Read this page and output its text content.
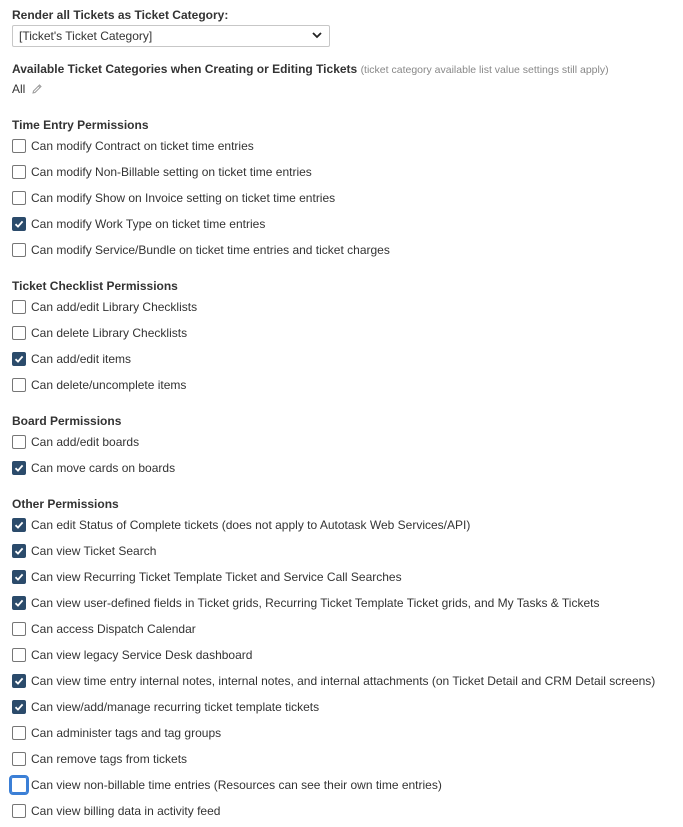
Render all Tickets as Ticket Category:
[Ticket's Ticket Category]
Available Ticket Categories when Creating or Editing Tickets (ticket category available list value settings still apply)
All
Time Entry Permissions
Can modify Contract on ticket time entries
Can modify Non-Billable setting on ticket time entries
Can modify Show on Invoice setting on ticket time entries
Can modify Work Type on ticket time entries
Can modify Service/Bundle on ticket time entries and ticket charges
Ticket Checklist Permissions
Can add/edit Library Checklists
Can delete Library Checklists
Can add/edit items
Can delete/uncomplete items
Board Permissions
Can add/edit boards
Can move cards on boards
Other Permissions
Can edit Status of Complete tickets (does not apply to Autotask Web Services/API)
Can view Ticket Search
Can view Recurring Ticket Template Ticket and Service Call Searches
Can view user-defined fields in Ticket grids, Recurring Ticket Template Ticket grids, and My Tasks & Tickets
Can access Dispatch Calendar
Can view legacy Service Desk dashboard
Can view time entry internal notes, internal notes, and internal attachments (on Ticket Detail and CRM Detail screens)
Can view/add/manage recurring ticket template tickets
Can administer tags and tag groups
Can remove tags from tickets
Can view non-billable time entries (Resources can see their own time entries)
Can view billing data in activity feed
